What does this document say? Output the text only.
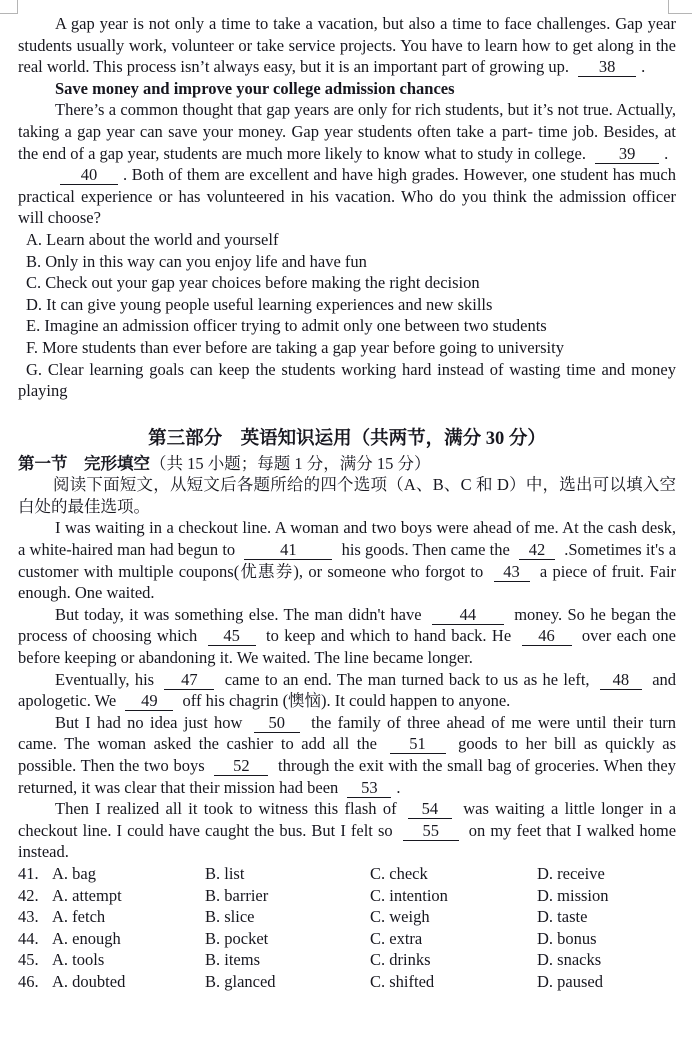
A gap year is not only a time to take a vacation, but also a time to face challenges. Gap year students usually work, volunteer or take service projects. You have to learn how to get along in the real world. This process isn’t always easy, but it is an important part of growing up. 38 .

Save money and improve your college admission chances

There’s a common thought that gap years are only for rich students, but it’s not true. Actually, taking a gap year can save your money. Gap year students often take a part- time job. Besides, at the end of a gap year, students are much more likely to know what to study in college. 39 .

40 . Both of them are excellent and have high grades. However, one student has much practical experience or has volunteered in his vacation. Who do you think the admission officer will choose?

A. Learn about the world and yourself
B. Only in this way can you enjoy life and have fun
C. Check out your gap year choices before making the right decision
D. It can give young people useful learning experiences and new skills
E. Imagine an admission officer trying to admit only one between two students
F. More students than ever before are taking a gap year before going to university
G. Clear learning goals can keep the students working hard instead of wasting time and money playing
第三部分　英语知识运用（共两节，满分 30 分）
第一节　完形填空（共 15 小题；每题 1 分，满分 15 分）

阅读下面短文，从短文后各题所给的四个选项（A、B、C 和 D）中，选出可以填入空白处的最佳选项。

I was waiting in a checkout line. A woman and two boys were ahead of me. At the cash desk, a white-haired man had begun to	41	his goods. Then came the 42 .Sometimes it's a customer with multiple coupons(优惠券), or someone who forgot to 43 a piece of fruit. Fair enough. One waited.

But today, it was something else. The man didn't have 44 money. So he began the process of choosing which 45 to keep and which to hand back. He 46 over each one before keeping or abandoning it. We waited. The line became longer.

Eventually, his 47 came to an end. The man turned back to us as he left, 48 and apologetic. We 49 off his chagrin (懊恼). It could happen to anyone.

But I had no idea just how 50 the family of three ahead of me were until their turn came. The woman asked the cashier to add all the 51 goods to her bill as quickly as possible. Then the two boys 52 through the exit with the small bag of groceries. When they returned, it was clear that their mission had been 53 .

Then I realized all it took to witness this flash of 54 was waiting a little longer in a checkout line. I could have caught the bus. But I felt so 55 on my feet that I walked home instead.

41. A. bag	B. list	C. check	D. receive
42. A. attempt	B. barrier	C. intention	D. mission
43. A. fetch	B. slice	C. weigh	D. taste
44. A. enough	B. pocket	C. extra	D. bonus
45. A. tools	B. items	C. drinks	D. snacks
46. A. doubted	B. glanced	C. shifted	D. paused
